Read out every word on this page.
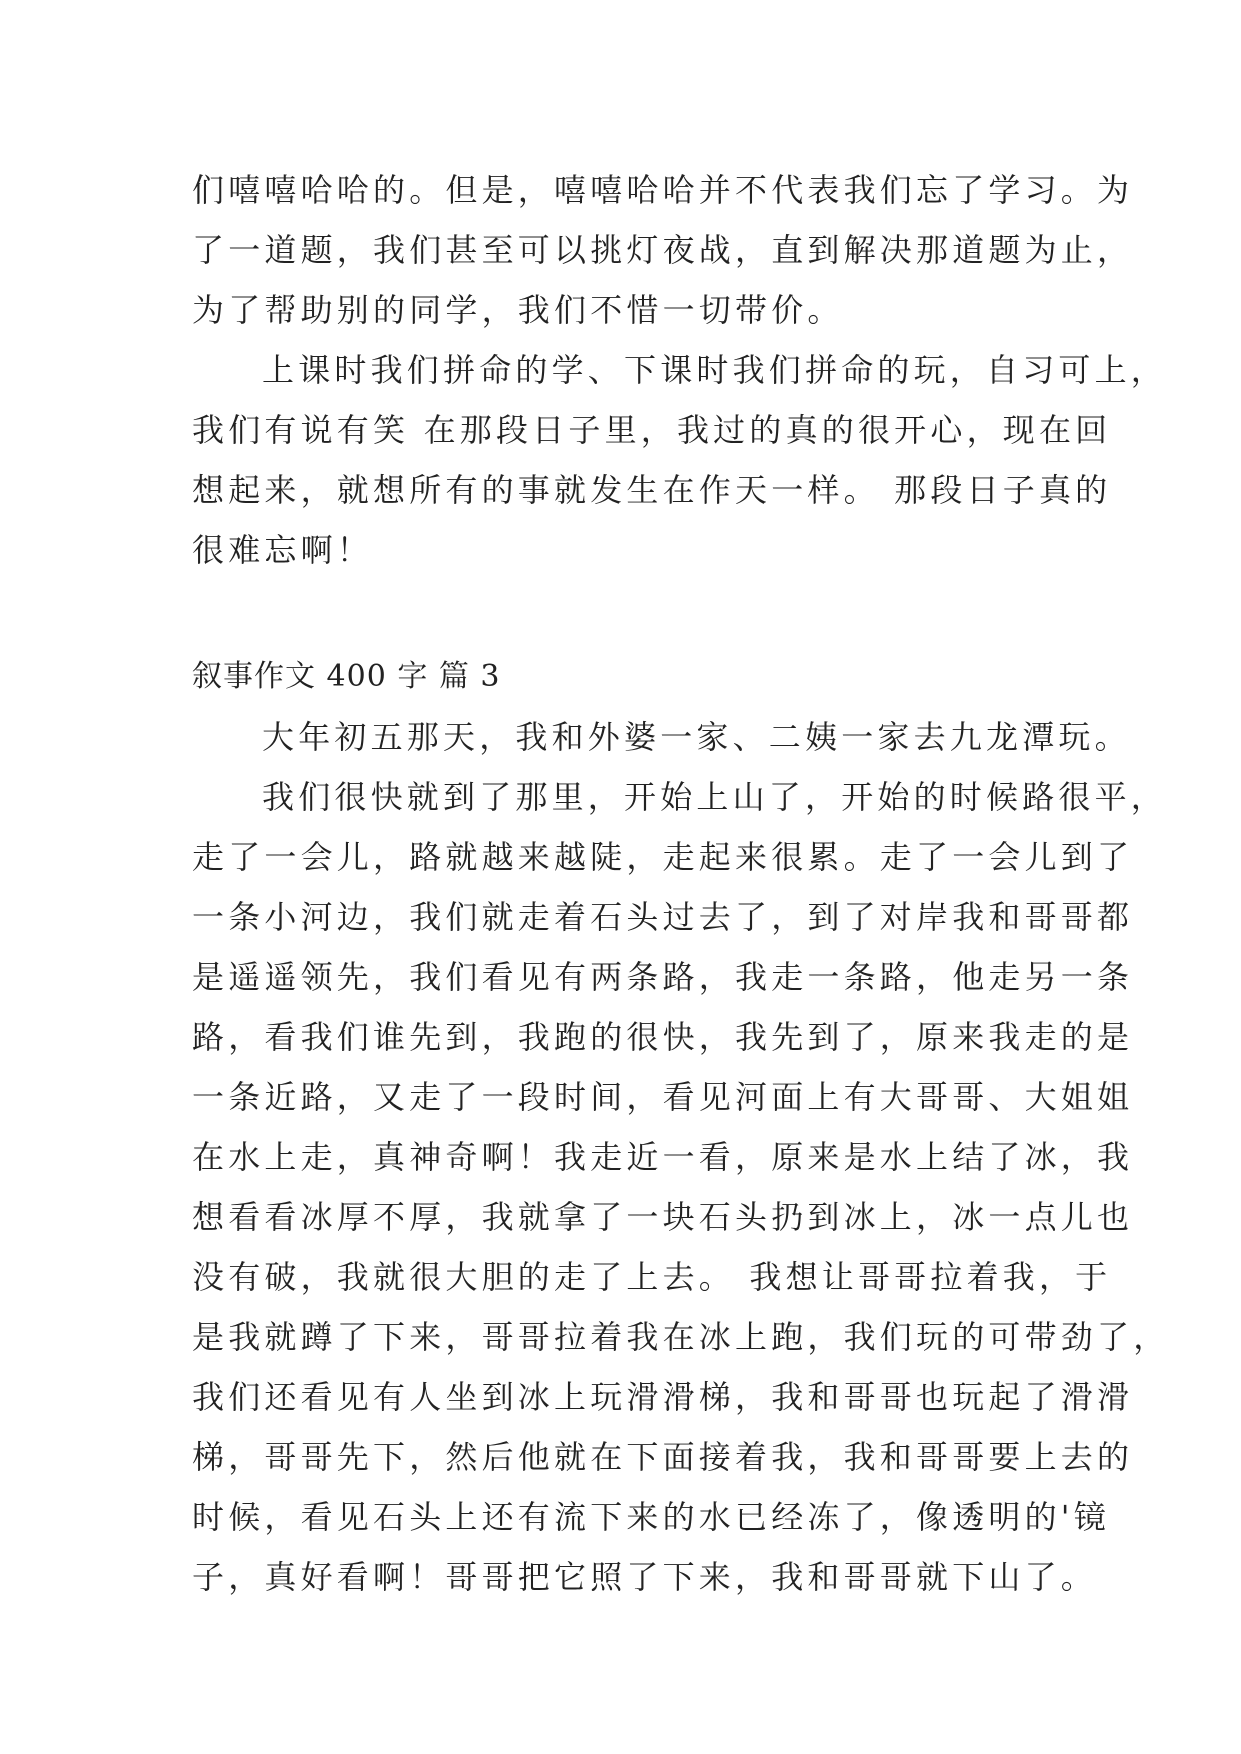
们嘻嘻哈哈的。但是，嘻嘻哈哈并不代表我们忘了学习。为
了一道题，我们甚至可以挑灯夜战，直到解决那道题为止，
为了帮助别的同学，我们不惜一切带价。
上课时我们拼命的学、下课时我们拼命的玩，自习可上，
我们有说有笑 在那段日子里，我过的真的很开心，现在回
想起来，就想所有的事就发生在作天一样。 那段日子真的
很难忘啊！
叙事作文 400 字 篇 3
大年初五那天，我和外婆一家、二姨一家去九龙潭玩。
我们很快就到了那里，开始上山了，开始的时候路很平，
走了一会儿，路就越来越陡，走起来很累。走了一会儿到了
一条小河边，我们就走着石头过去了，到了对岸我和哥哥都
是遥遥领先，我们看见有两条路，我走一条路，他走另一条
路，看我们谁先到，我跑的很快，我先到了，原来我走的是
一条近路，又走了一段时间，看见河面上有大哥哥、大姐姐
在水上走，真神奇啊！我走近一看，原来是水上结了冰，我
想看看冰厚不厚，我就拿了一块石头扔到冰上，冰一点儿也
没有破，我就很大胆的走了上去。 我想让哥哥拉着我，于
是我就蹲了下来，哥哥拉着我在冰上跑，我们玩的可带劲了，
我们还看见有人坐到冰上玩滑滑梯，我和哥哥也玩起了滑滑
梯，哥哥先下，然后他就在下面接着我，我和哥哥要上去的
时候，看见石头上还有流下来的水已经冻了，像透明的'镜
子，真好看啊！哥哥把它照了下来，我和哥哥就下山了。
